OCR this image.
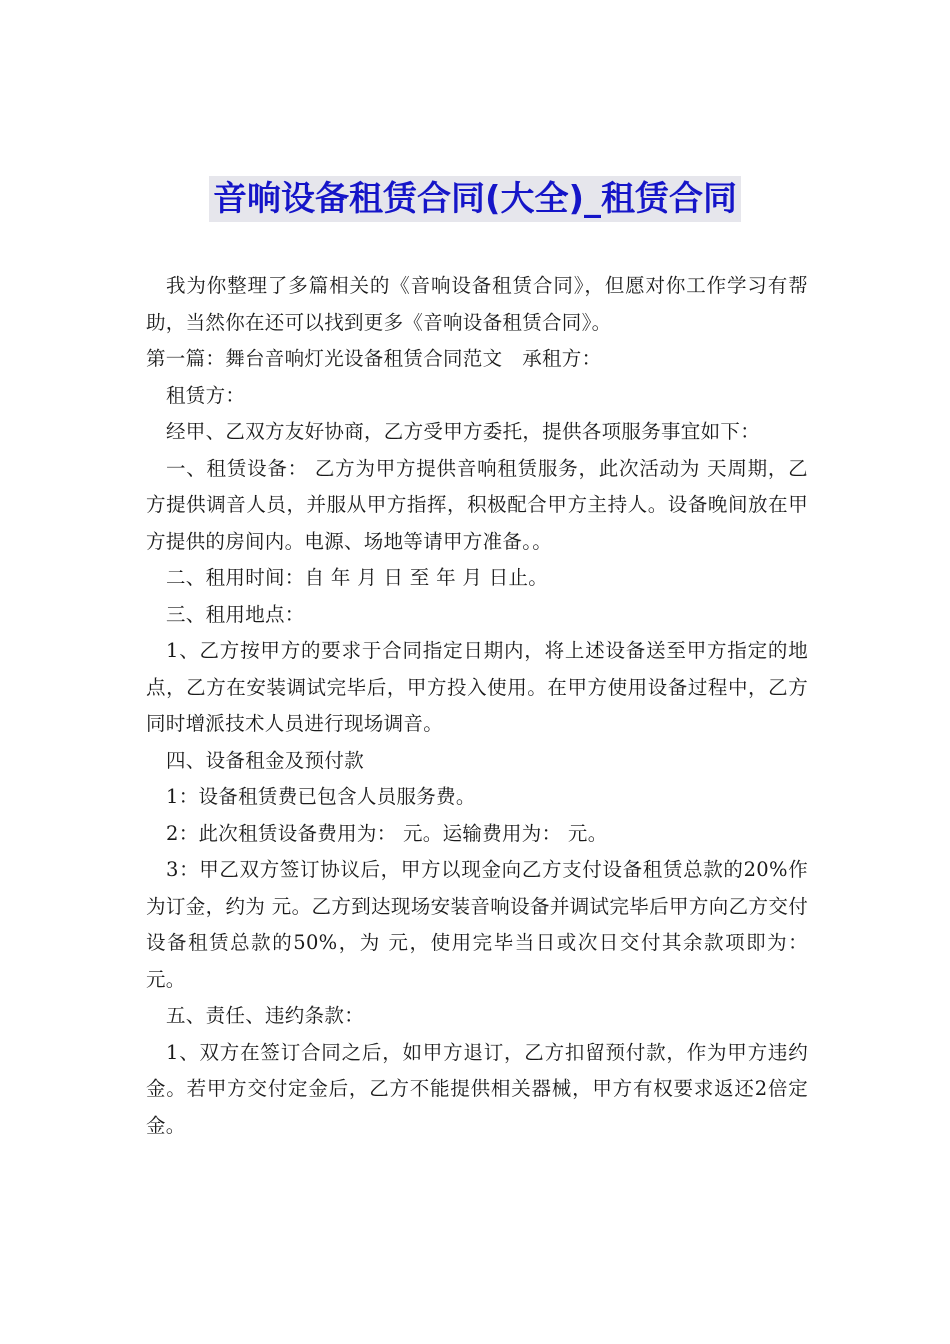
音响设备租赁合同(大全)_租赁合同

我为你整理了多篇相关的《音响设备租赁合同》，但愿对你工作学习有帮助，当然你在还可以找到更多《音响设备租赁合同》。

第一篇：舞台音响灯光设备租赁合同范文　承租方：

租赁方：

经甲、乙双方友好协商，乙方受甲方委托，提供各项服务事宜如下：

一、租赁设备： 乙方为甲方提供音响租赁服务，此次活动为 天周期，乙方提供调音人员，并服从甲方指挥，积极配合甲方主持人。设备晚间放在甲方提供的房间内。电源、场地等请甲方准备。。

二、租用时间：自 年 月 日 至 年 月 日止。

三、租用地点：

1、乙方按甲方的要求于合同指定日期内，将上述设备送至甲方指定的地点，乙方在安装调试完毕后，甲方投入使用。在甲方使用设备过程中，乙方同时增派技术人员进行现场调音。

四、设备租金及预付款

1：设备租赁费已包含人员服务费。

2：此次租赁设备费用为： 元。运输费用为： 元。

3：甲乙双方签订协议后，甲方以现金向乙方支付设备租赁总款的20%作为订金，约为 元。乙方到达现场安装音响设备并调试完毕后甲方向乙方交付设备租赁总款的50%，为 元，使用完毕当日或次日交付其余款项即为： 元。

五、责任、违约条款：

1、双方在签订合同之后，如甲方退订，乙方扣留预付款，作为甲方违约金。若甲方交付定金后，乙方不能提供相关器械，甲方有权要求返还2倍定金。
